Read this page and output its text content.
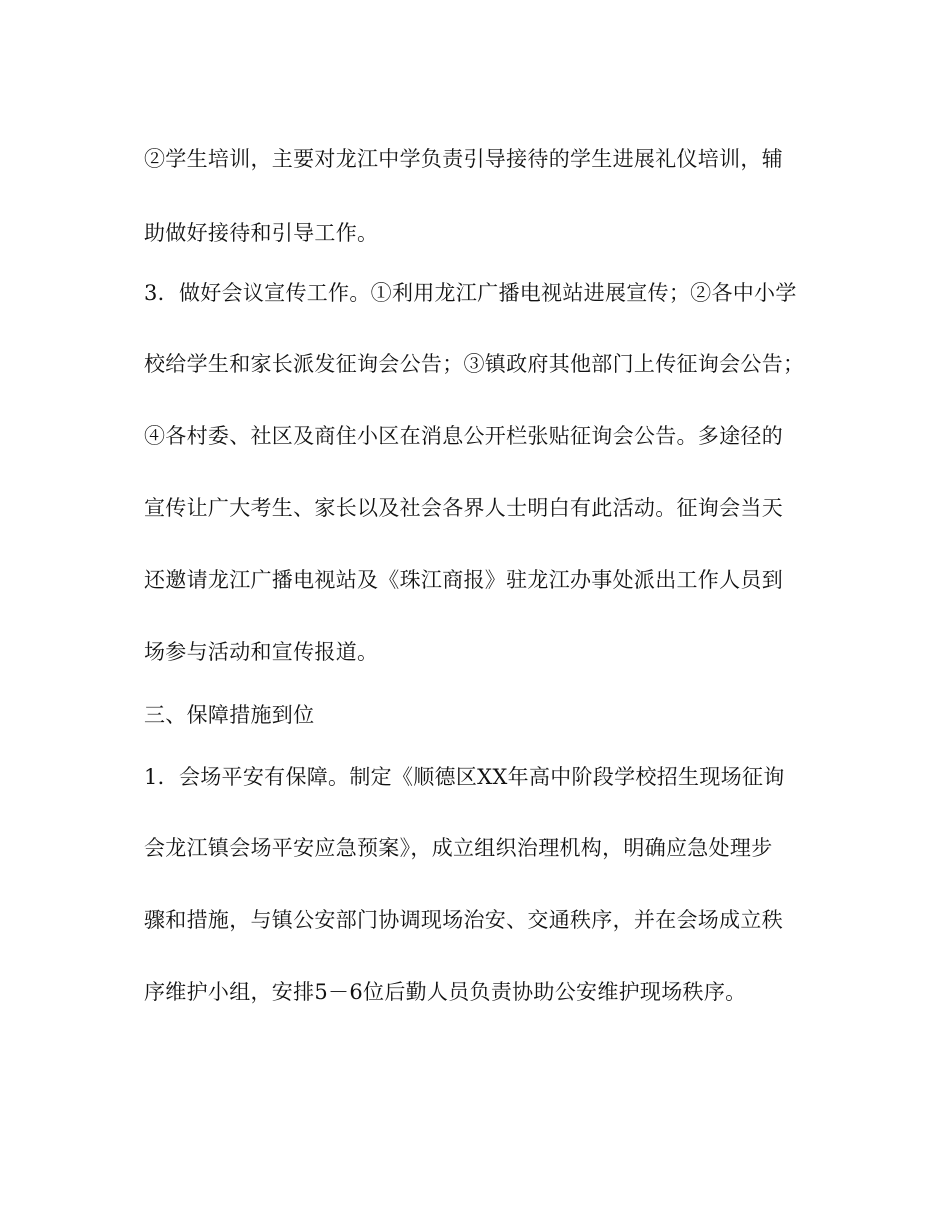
②学生培训，主要对龙江中学负责引导接待的学生进展礼仪培训，辅
助做好接待和引导工作。
3．做好会议宣传工作。①利用龙江广播电视站进展宣传；②各中小学
校给学生和家长派发征询会公告；③镇政府其他部门上传征询会公告；
④各村委、社区及商住小区在消息公开栏张贴征询会公告。多途径的
宣传让广大考生、家长以及社会各界人士明白有此活动。征询会当天
还邀请龙江广播电视站及《珠江商报》驻龙江办事处派出工作人员到
场参与活动和宣传报道。
三、保障措施到位
1．会场平安有保障。制定《顺德区XX年高中阶段学校招生现场征询
会龙江镇会场平安应急预案》，成立组织治理机构，明确应急处理步
骤和措施，与镇公安部门协调现场治安、交通秩序，并在会场成立秩
序维护小组，安排5－6位后勤人员负责协助公安维护现场秩序。
